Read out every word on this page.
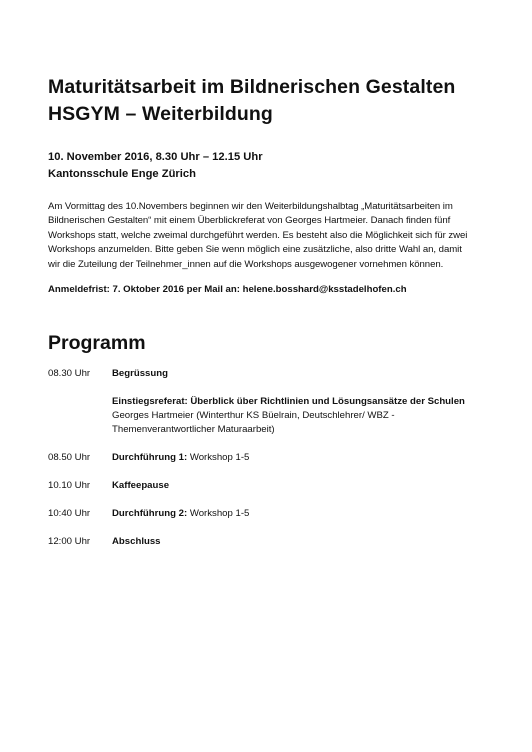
Maturitätsarbeit im Bildnerischen Gestalten
HSGYM – Weiterbildung
10. November 2016, 8.30 Uhr – 12.15 Uhr
Kantonsschule Enge Zürich
Am Vormittag des 10.Novembers beginnen wir den Weiterbildungshalbtag „Maturitätsarbeiten im
Bildnerischen Gestalten“ mit einem Überblickreferat von Georges Hartmeier. Danach finden fünf
Workshops statt, welche zweimal durchgeführt werden. Es besteht also die Möglichkeit sich für zwei
Workshops anzumelden. Bitte geben Sie wenn möglich eine zusätzliche, also dritte Wahl an, damit
wir die Zuteilung der Teilnehmer_innen auf die Workshops ausgewogener vornehmen können.
Anmeldefrist: 7. Oktober 2016 per Mail an: helene.bosshard@ksstadelhofen.ch
Programm
08.30 Uhr	Begrüssung
Einstiegsreferat: Überblick über Richtlinien und Lösungsansätze der Schulen
Georges Hartmeier (Winterthur KS Büelrain, Deutschlehrer/ WBZ -
Themenverantwortlicher Maturaarbeit)
08.50 Uhr	Durchführung 1: Workshop 1-5
10.10 Uhr	Kaffeepause
10:40 Uhr	Durchführung 2: Workshop 1-5
12:00 Uhr	Abschluss
